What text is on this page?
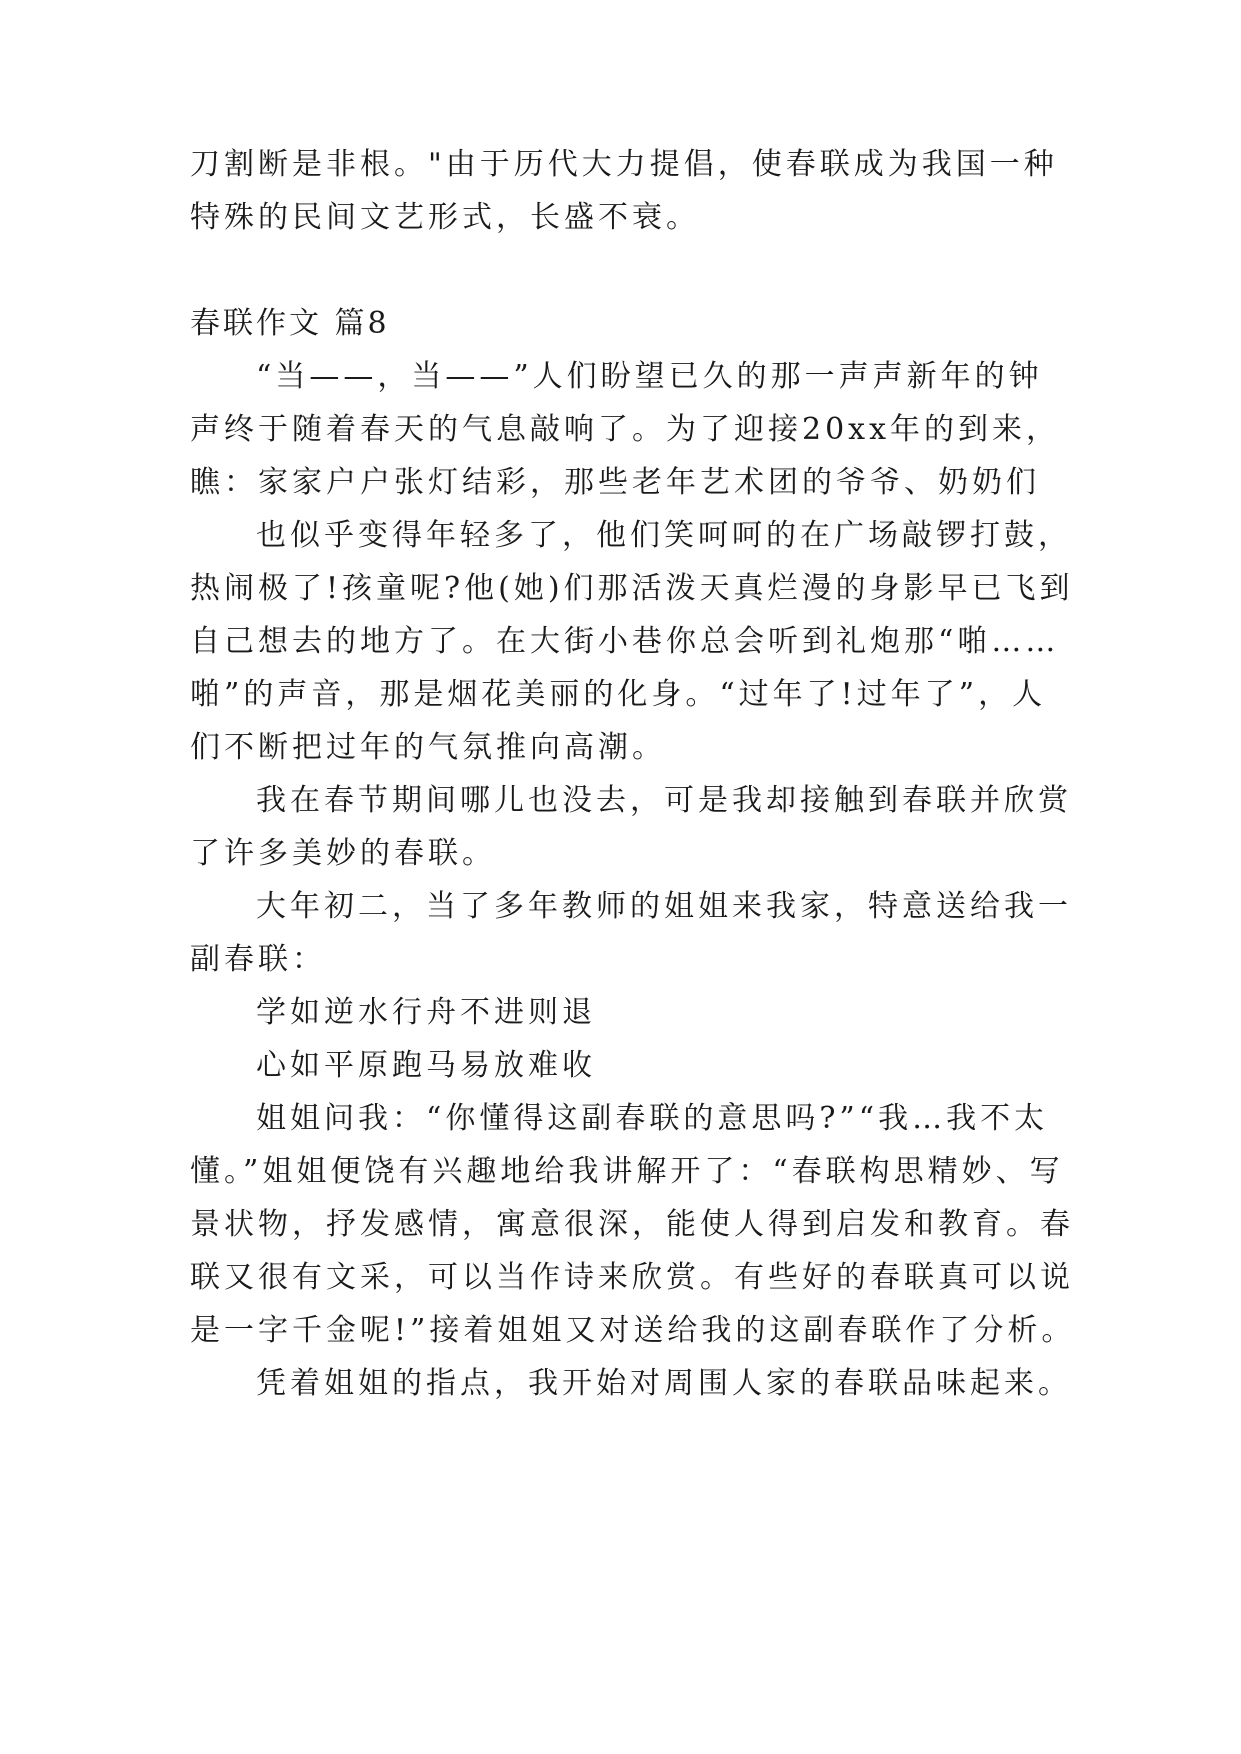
刀割断是非根。"由于历代大力提倡，使春联成为我国一种
特殊的民间文艺形式，长盛不衰。
春联作文 篇8
“当——，当——”人们盼望已久的那一声声新年的钟
声终于随着春天的气息敲响了。为了迎接20xx年的到来，
瞧：家家户户张灯结彩，那些老年艺术团的爷爷、奶奶们
也似乎变得年轻多了，他们笑呵呵的在广场敲锣打鼓，
热闹极了!孩童呢?他(她)们那活泼天真烂漫的身影早已飞到
自己想去的地方了。在大街小巷你总会听到礼炮那“啪……
啪”的声音，那是烟花美丽的化身。“过年了!过年了”，人
们不断把过年的气氛推向高潮。
我在春节期间哪儿也没去，可是我却接触到春联并欣赏
了许多美妙的春联。
大年初二，当了多年教师的姐姐来我家，特意送给我一
副春联：
学如逆水行舟不进则退
心如平原跑马易放难收
姐姐问我：“你懂得这副春联的意思吗?”“我…我不太
懂。”姐姐便饶有兴趣地给我讲解开了：“春联构思精妙、写
景状物，抒发感情，寓意很深，能使人得到启发和教育。春
联又很有文采，可以当作诗来欣赏。有些好的春联真可以说
是一字千金呢!”接着姐姐又对送给我的这副春联作了分析。
凭着姐姐的指点，我开始对周围人家的春联品味起来。
